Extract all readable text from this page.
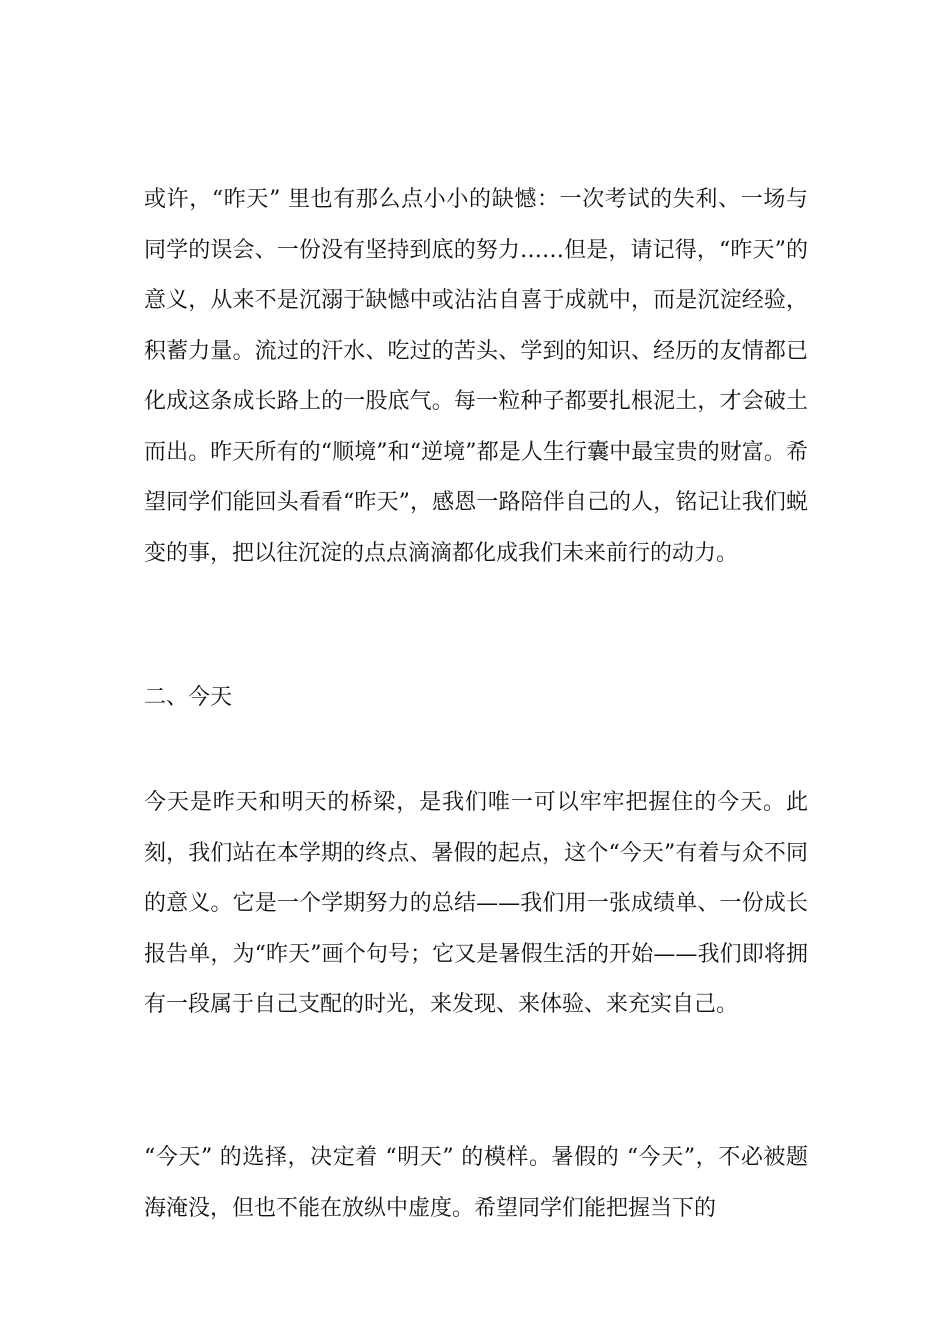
或许，“昨天” 里也有那么点小小的缺憾：一次考试的失利、一场与同学的误会、一份没有坚持到底的努力……但是，请记得，“昨天”的意义，从来不是沉溺于缺憾中或沾沾自喜于成就中，而是沉淀经验，积蓄力量。流过的汗水、吃过的苦头、学到的知识、经历的友情都已化成这条成长路上的一股底气。每一粒种子都要扎根泥土，才会破土而出。昨天所有的“顺境”和“逆境”都是人生行囊中最宝贵的财富。希望同学们能回头看看“昨天”，感恩一路陪伴自己的人，铭记让我们蜕变的事，把以往沉淀的点点滴滴都化成我们未来前行的动力。

二、今天

今天是昨天和明天的桥梁，是我们唯一可以牢牢把握住的今天。此刻，我们站在本学期的终点、暑假的起点，这个“今天”有着与众不同的意义。它是一个学期努力的总结——我们用一张成绩单、一份成长报告单，为“昨天”画个句号；它又是暑假生活的开始——我们即将拥有一段属于自己支配的时光，来发现、来体验、来充实自己。

“今天” 的选择，决定着 “明天” 的模样。暑假的 “今天”，不必被题海淹没，但也不能在放纵中虚度。希望同学们能把握当下的
